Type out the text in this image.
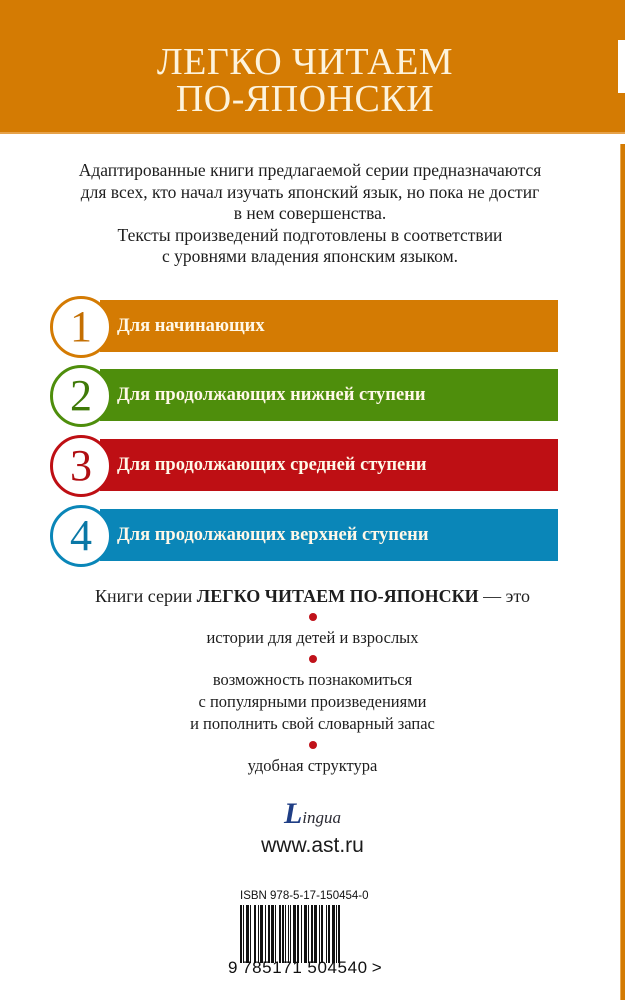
ЛЕГКО ЧИТАЕМ
ПО-ЯПОНСКИ
Адаптированные книги предлагаемой серии предназначаются
для всех, кто начал изучать японский язык, но пока не достиг
в нем совершенства.
Тексты произведений подготовлены в соответствии
с уровнями владения японским языком.
1	Для начинающих
2	Для продолжающих нижней ступени
3	Для продолжающих средней ступени
4	Для продолжающих верхней ступени
Книги серии ЛЕГКО ЧИТАЕМ ПО-ЯПОНСКИ — это
истории для детей и взрослых
возможность познакомиться
с популярными произведениями
и пополнить свой словарный запас
удобная структура
Lingua
www.ast.ru
ISBN 978-5-17-150454-0
9 785171 504540 >
